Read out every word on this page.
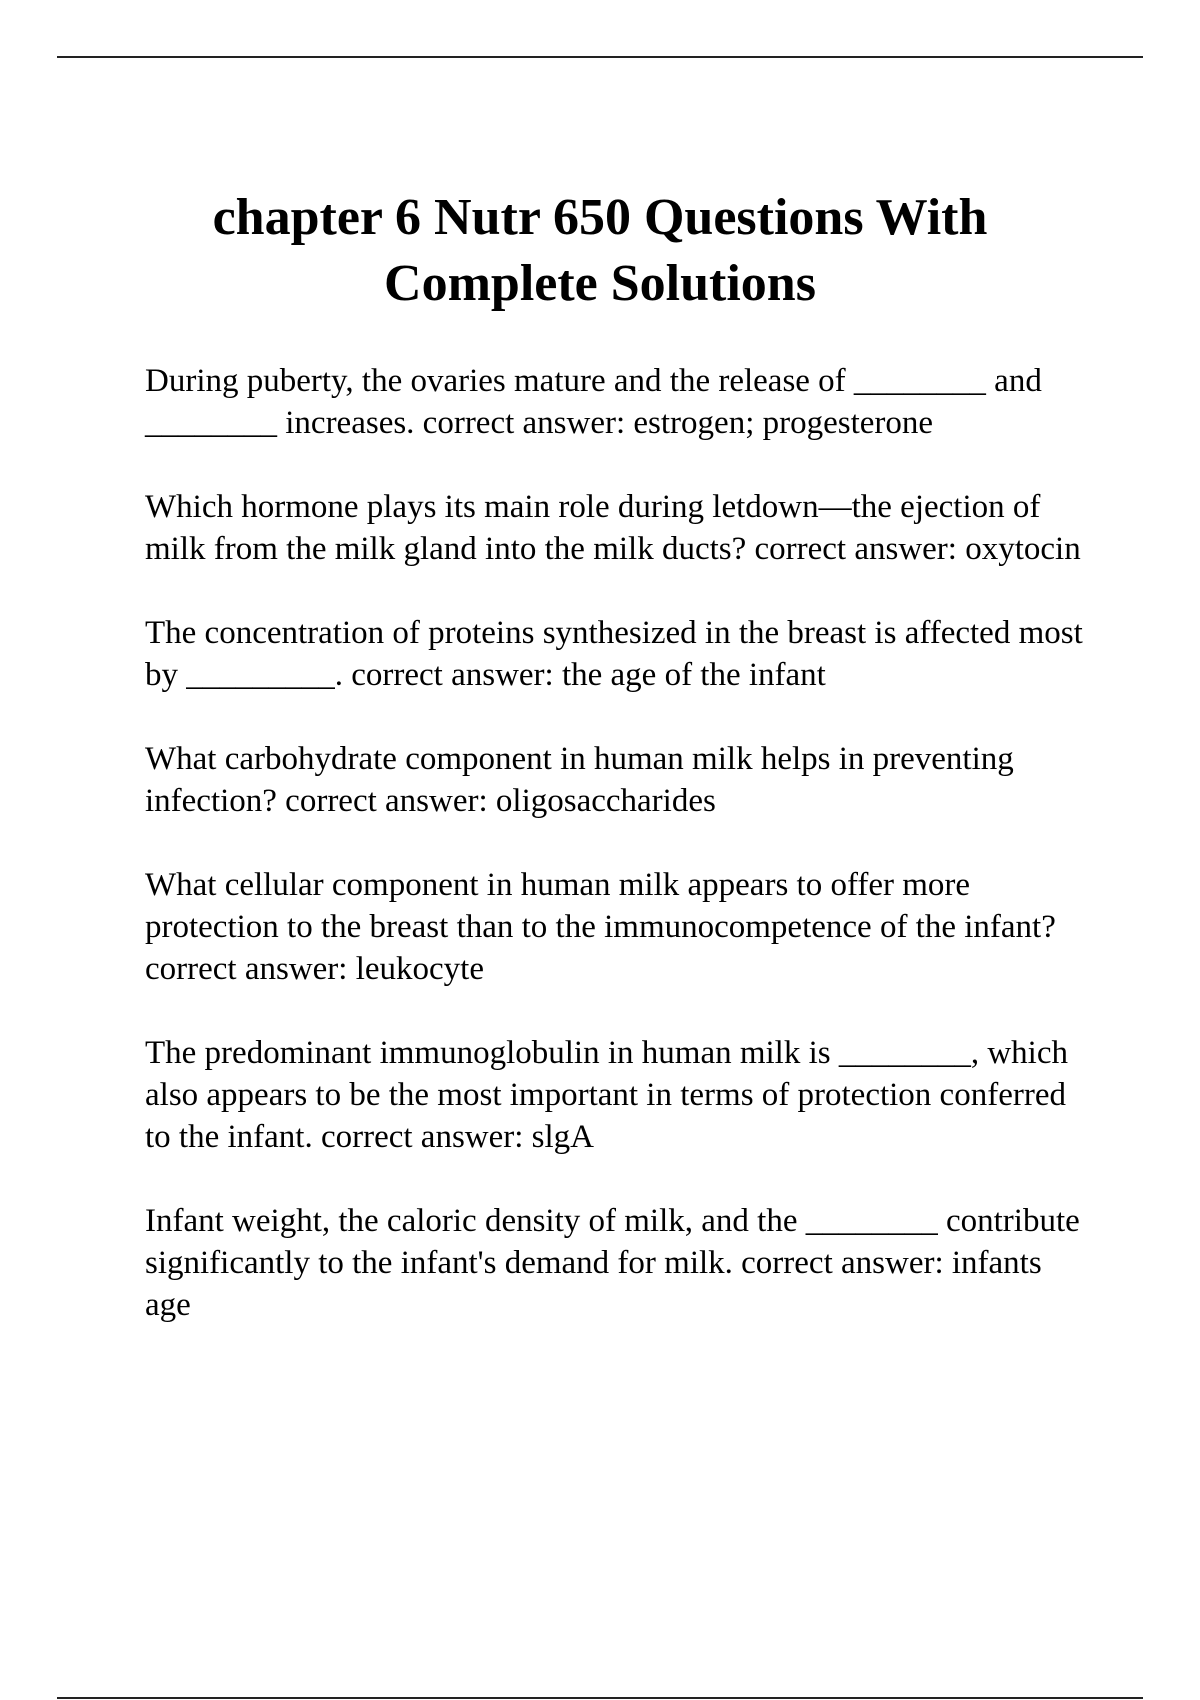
chapter 6 Nutr 650 Questions With Complete Solutions

During puberty, the ovaries mature and the release of ________ and ________ increases. correct answer: estrogen; progesterone

Which hormone plays its main role during letdown—the ejection of milk from the milk gland into the milk ducts? correct answer: oxytocin

The concentration of proteins synthesized in the breast is affected most by _________. correct answer: the age of the infant

What carbohydrate component in human milk helps in preventing infection? correct answer: oligosaccharides

What cellular component in human milk appears to offer more protection to the breast than to the immunocompetence of the infant? correct answer: leukocyte

The predominant immunoglobulin in human milk is ________, which also appears to be the most important in terms of protection conferred to the infant. correct answer: slgA

Infant weight, the caloric density of milk, and the ________ contribute significantly to the infant's demand for milk. correct answer: infants age
